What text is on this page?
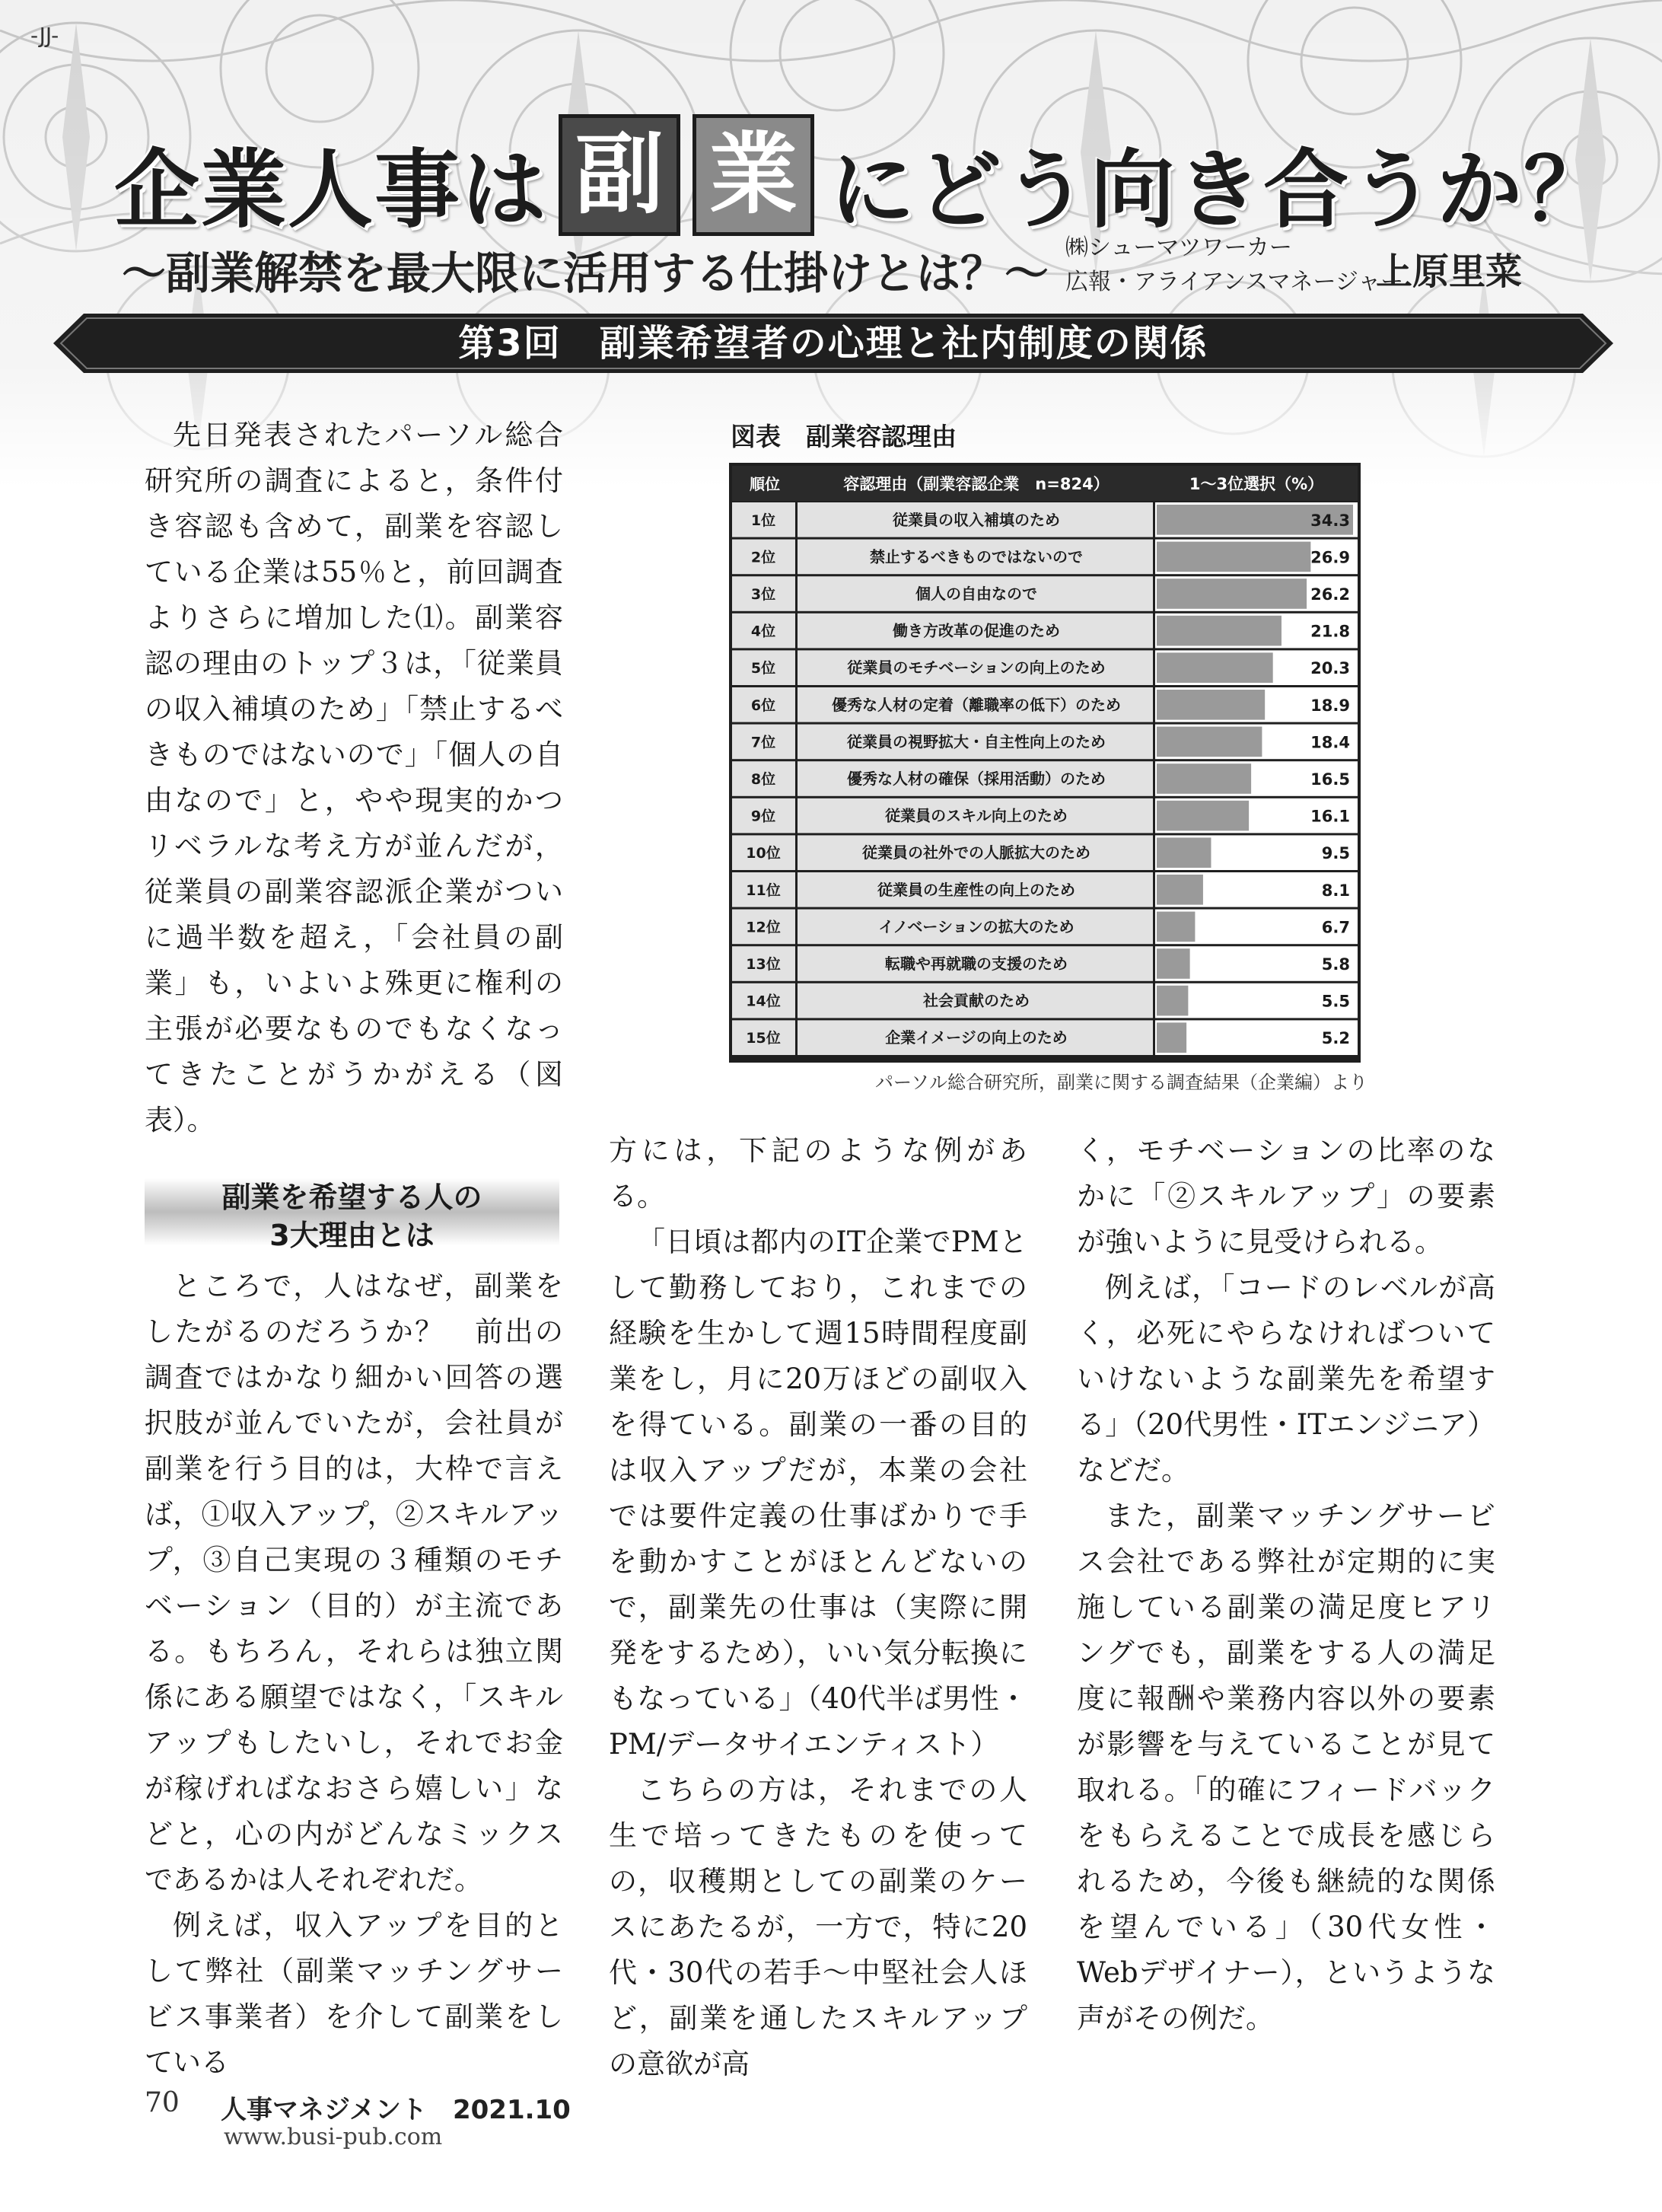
-JJ-
企業人事は 副 業 にどう向き合うか？
〜副業解禁を最大限に活用する仕掛けとは？〜 ㈱シューマツワーカー
広報・アライアンスマネージャー
上原里菜
第3回　副業希望者の心理と社内制度の関係

先日発表されたパーソル総合研究所の調査によると，条件付き容認も含めて，副業を容認している企業は55％と，前回調査よりさらに増加した⑴。副業容認の理由のトップ３は，「従業員の収入補填のため」「禁止するべきものではないので」「個人の自由なので」と，やや現実的かつリベラルな考え方が並んだが，従業員の副業容認派企業がついに過半数を超え，「会社員の副業」も，いよいよ殊更に権利の主張が必要なものでもなくなってきたことがうかがえる（図表）。

副業を希望する人の
3大理由とは

ところで，人はなぜ，副業をしたがるのだろうか？　前出の調査ではかなり細かい回答の選択肢が並んでいたが，会社員が副業を行う目的は，大枠で言えば，①収入アップ，②スキルアップ，③自己実現の３種類のモチベーション（目的）が主流である。もちろん，それらは独立関係にある願望ではなく，「スキルアップもしたいし，それでお金が稼げればなおさら嬉しい」などと，心の内がどんなミックスであるかは人それぞれだ。

例えば，収入アップを目的として弊社（副業マッチングサービス事業者）を介して副業をしている

方には，下記のような例がある。

「日頃は都内のIT企業でPMとして勤務しており，これまでの経験を生かして週15時間程度副業をし，月に20万ほどの副収入を得ている。副業の一番の目的は収入アップだが，本業の会社では要件定義の仕事ばかりで手を動かすことがほとんどないので，副業先の仕事は（実際に開発をするため），いい気分転換にもなっている」（40代半ば男性・PM/データサイエンティスト）

こちらの方は，それまでの人生で培ってきたものを使っての，収穫期としての副業のケースにあたるが，一方で，特に20代・30代の若手〜中堅社会人ほど，副業を通したスキルアップの意欲が高

く，モチベーションの比率のなかに「②スキルアップ」の要素が強いように見受けられる。

例えば，「コードのレベルが高く，必死にやらなければついていけないような副業先を希望する」（20代男性・ITエンジニア）などだ。

また，副業マッチングサービス会社である弊社が定期的に実施している副業の満足度ヒアリングでも，副業をする人の満足度に報酬や業務内容以外の要素が影響を与えていることが見て取れる。「的確にフィードバックをもらえることで成長を感じられるため，今後も継続的な関係を望んでいる」（30代女性・Webデザイナー），というような声がその例だ。

図表　副業容認理由
順位	容認理由（副業容認企業　n=824）	1〜3位選択（%）
1位	従業員の収入補填のため	34.3
2位	禁止するべきものではないので	26.9
3位	個人の自由なので	26.2
4位	働き方改革の促進のため	21.8
5位	従業員のモチベーションの向上のため	20.3
6位	優秀な人材の定着（離職率の低下）のため	18.9
7位	従業員の視野拡大・自主性向上のため	18.4
8位	優秀な人材の確保（採用活動）のため	16.5
9位	従業員のスキル向上のため	16.1
10位	従業員の社外での人脈拡大のため	9.5
11位	従業員の生産性の向上のため	8.1
12位	イノベーションの拡大のため	6.7
13位	転職や再就職の支援のため	5.8
14位	社会貢献のため	5.5
15位	企業イメージの向上のため	5.2
パーソル総合研究所，副業に関する調査結果（企業編）より
70 人事マネジメント　2021.10
www.busi-pub.com
